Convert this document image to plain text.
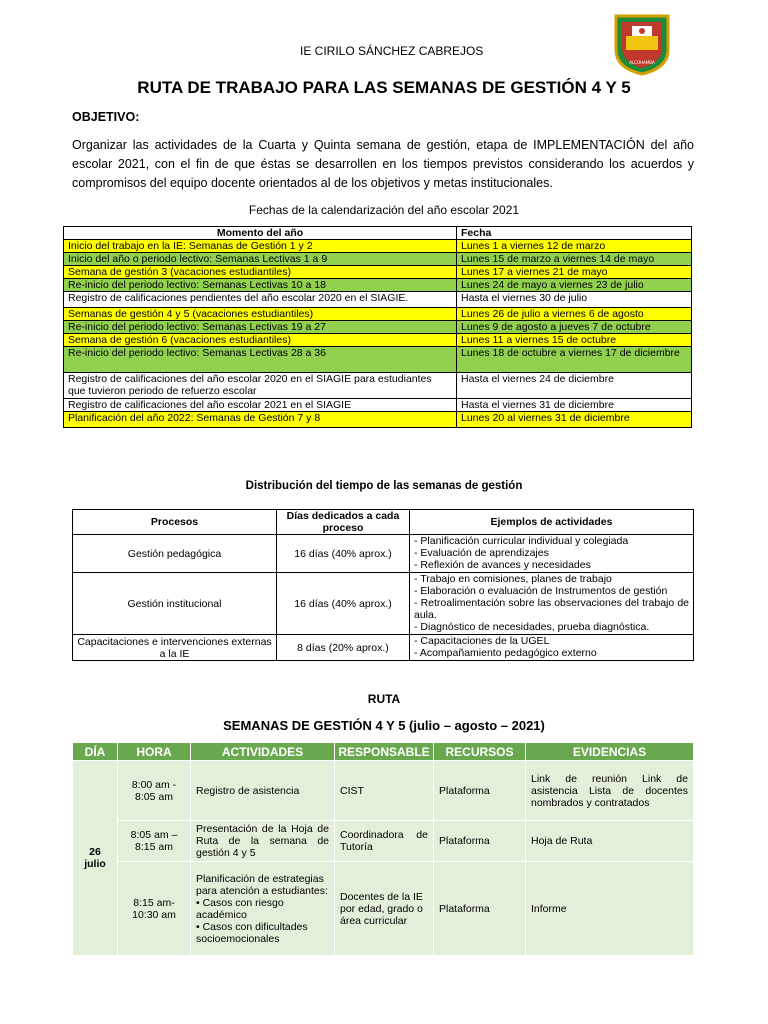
IE CIRILO SÁNCHEZ CABREJOS
ALCOHAMBA
RUTA DE TRABAJO PARA LAS SEMANAS DE GESTIÓN 4 Y 5
OBJETIVO:
Organizar las actividades de la Cuarta y Quinta semana de gestión, etapa de IMPLEMENTACIÓN del año escolar 2021, con el fin de que éstas se desarrollen en los tiempos previstos considerando los acuerdos y compromisos del equipo docente orientados al de los objetivos y metas institucionales.
Fechas de la calendarización del año escolar 2021
Momento del año	Fecha
Inicio del trabajo en la IE: Semanas de Gestión 1 y 2	Lunes 1 a viernes 12 de marzo
Inicio del año o periodo lectivo: Semanas Lectivas 1 a 9	Lunes 15 de marzo a viernes 14 de mayo
Semana de gestión 3 (vacaciones estudiantiles)	Lunes 17 a viernes 21 de mayo
Re-inicio del periodo lectivo: Semanas Lectivas 10 a 18	Lunes 24 de mayo a viernes 23 de julio
Registro de calificaciones pendientes del año escolar 2020 en el SIAGIE.	Hasta el viernes 30 de julio
Semanas de gestión 4 y 5 (vacaciones estudiantiles)	Lunes 26 de julio a viernes 6 de agosto
Re-inicio del periodo lectivo: Semanas Lectivas 19 a 27	Lunes 9 de agosto a jueves 7 de octubre
Semana de gestión 6 (vacaciones estudiantiles)	Lunes 11 a viernes 15 de octubre
Re-inicio del periodo lectivo: Semanas Lectivas 28 a 36	Lunes 18 de octubre a viernes 17 de diciembre
Registro de calificaciones del año escolar 2020 en el SIAGIE para estudiantes que tuvieron periodo de refuerzo escolar	Hasta el viernes 24 de diciembre
Registro de calificaciones del año escolar 2021 en el SIAGIE	Hasta el viernes 31 de diciembre
Planificación del año 2022: Semanas de Gestión 7 y 8	Lunes 20 al viernes 31 de diciembre
Distribución del tiempo de las semanas de gestión
Procesos	Días dedicados a cada proceso	Ejemplos de actividades
Gestión pedagógica	16 días (40% aprox.)	- Planificación curricular individual y colegiada
- Evaluación de aprendizajes
- Reflexión de avances y necesidades

Gestión institucional	16 días (40% aprox.)	- Trabajo en comisiones, planes de trabajo
- Elaboración o evaluación de Instrumentos de gestión
- Retroalimentación sobre las observaciones del trabajo de aula.
- Diagnóstico de necesidades, prueba diagnóstica.

Capacitaciones e intervenciones externas a la IE	8 días (20% aprox.)	- Capacitaciones de la UGEL
- Acompañamiento pedagógico externo
RUTA
SEMANAS DE GESTIÓN 4 Y 5 (julio – agosto – 2021)
DÍA	HORA	ACTIVIDADES	RESPONSABLE	RECURSOS	EVIDENCIAS
26 julio	8:00 am - 8:05 am	Registro de asistencia	CIST	Plataforma	Link de reunión Link de asistencia Lista de docentes nombrados y contratados
	8:05 am – 8:15 am	Presentación de la Hoja de Ruta de la semana de gestión 4 y 5	Coordinadora de Tutoría	Plataforma	Hoja de Ruta
	8:15 am- 10:30 am	Planificación de estrategias para atención a estudiantes:
• Casos con riesgo académico
• Casos con dificultades socioemocionales	Docentes de la IE por edad, grado o área curricular	Plataforma	Informe
